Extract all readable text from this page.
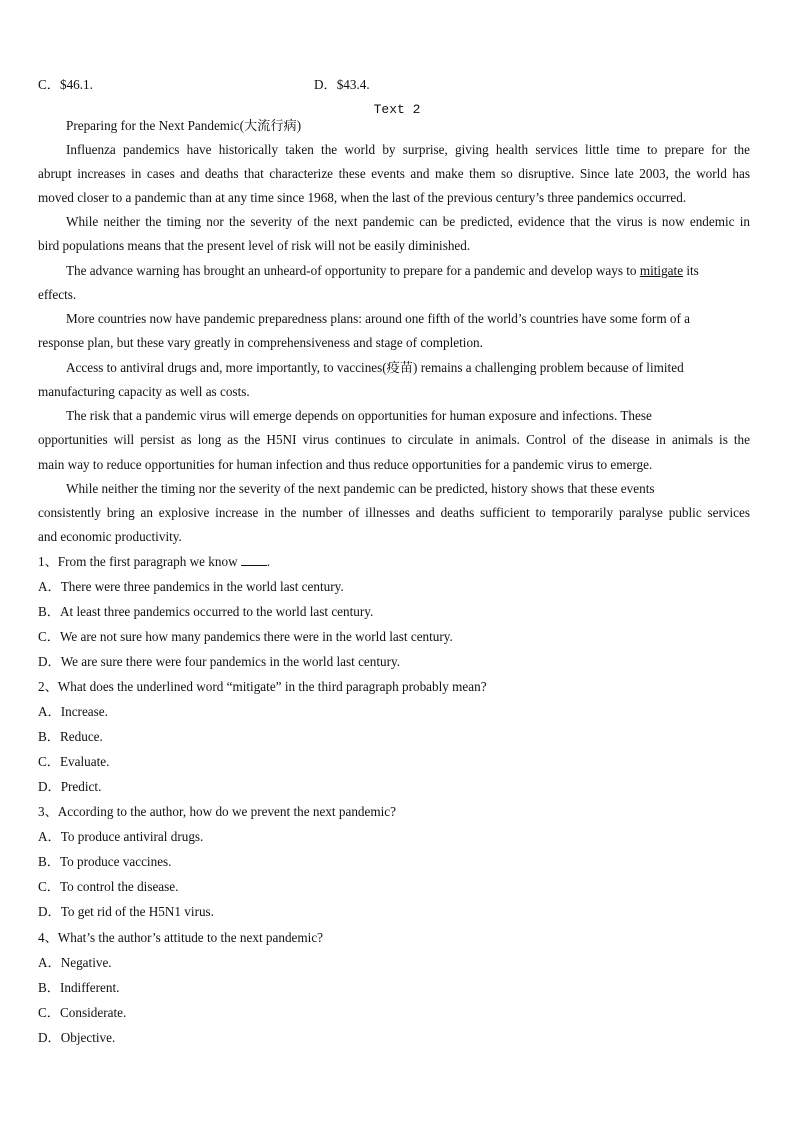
C．$46.1.	D．$43.4.
Text 2
Preparing for the Next Pandemic(大流行病)
Influenza pandemics have historically taken the world by surprise, giving health services little time to prepare for the
abrupt increases in cases and deaths that characterize these events and make them so disruptive. Since late 2003, the world has
moved closer to a pandemic than at any time since 1968, when the last of the previous century’s three pandemics occurred.
While neither the timing nor the severity of the next pandemic can be predicted, evidence that the virus is now endemic in
bird populations means that the present level of risk will not be easily diminished.
The advance warning has brought an unheard-of opportunity to prepare for a pandemic and develop ways to mitigate its
effects.
More countries now have pandemic preparedness plans: around one fifth of the world’s countries have some form of a
response plan, but these vary greatly in comprehensiveness and stage of completion.
Access to antiviral drugs and, more importantly, to vaccines(疫苗) remains a challenging problem because of limited
manufacturing capacity as well as costs.
The risk that a pandemic virus will emerge depends on opportunities for human exposure and infections. These
opportunities will persist as long as the H5NI virus continues to circulate in animals. Control of the disease in animals is the
main way to reduce opportunities for human infection and thus reduce opportunities for a pandemic virus to emerge.
While neither the timing nor the severity of the next pandemic can be predicted, history shows that these events
consistently bring an explosive increase in the number of illnesses and deaths sufficient to temporarily paralyse public services
and economic productivity.
1、From the first paragraph we know .
A．There were three pandemics in the world last century.
B．At least three pandemics occurred to the world last century.
C．We are not sure how many pandemics there were in the world last century.
D．We are sure there were four pandemics in the world last century.
2、What does the underlined word “mitigate” in the third paragraph probably mean?
A．Increase.
B．Reduce.
C．Evaluate.
D．Predict.
3、According to the author, how do we prevent the next pandemic?
A．To produce antiviral drugs.
B．To produce vaccines.
C．To control the disease.
D．To get rid of the H5N1 virus.
4、What’s the author’s attitude to the next pandemic?
A．Negative.
B．Indifferent.
C．Considerate.
D．Objective.
